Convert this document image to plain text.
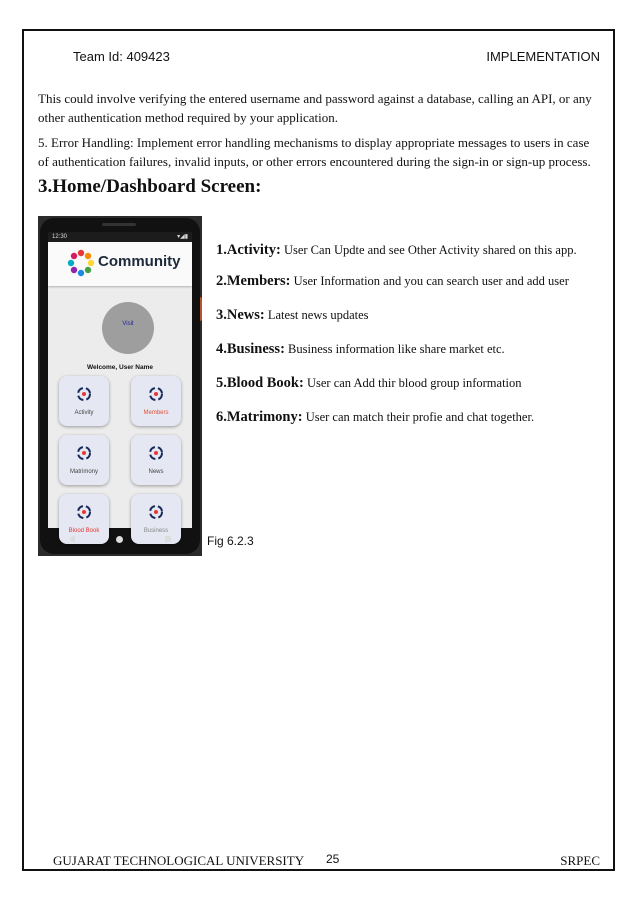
Team Id: 409423	IMPLEMENTATION
This could involve verifying the entered username and password against a database, calling an API, or any other authentication method required by your application.
5. Error Handling: Implement error handling mechanisms to display appropriate messages to users in case of authentication failures, invalid inputs, or other errors encountered during the sign-in or sign-up process.
3.Home/Dashboard Screen:
12:30	▾◢▮
Community
Visit
Welcome, User Name
Activity	Members
Matrimony	News
Blood Book	Business
1.Activity: User Can Updte and see Other Activity shared on this app.
2.Members: User Information and you can search user and add user
3.News: Latest news updates
4.Business: Business information like share market etc.
5.Blood Book: User can Add thir blood group information
6.Matrimony: User can match their profie and chat together.
Fig 6.2.3
GUJARAT TECHNOLOGICAL UNIVERSITY 25	SRPEC
